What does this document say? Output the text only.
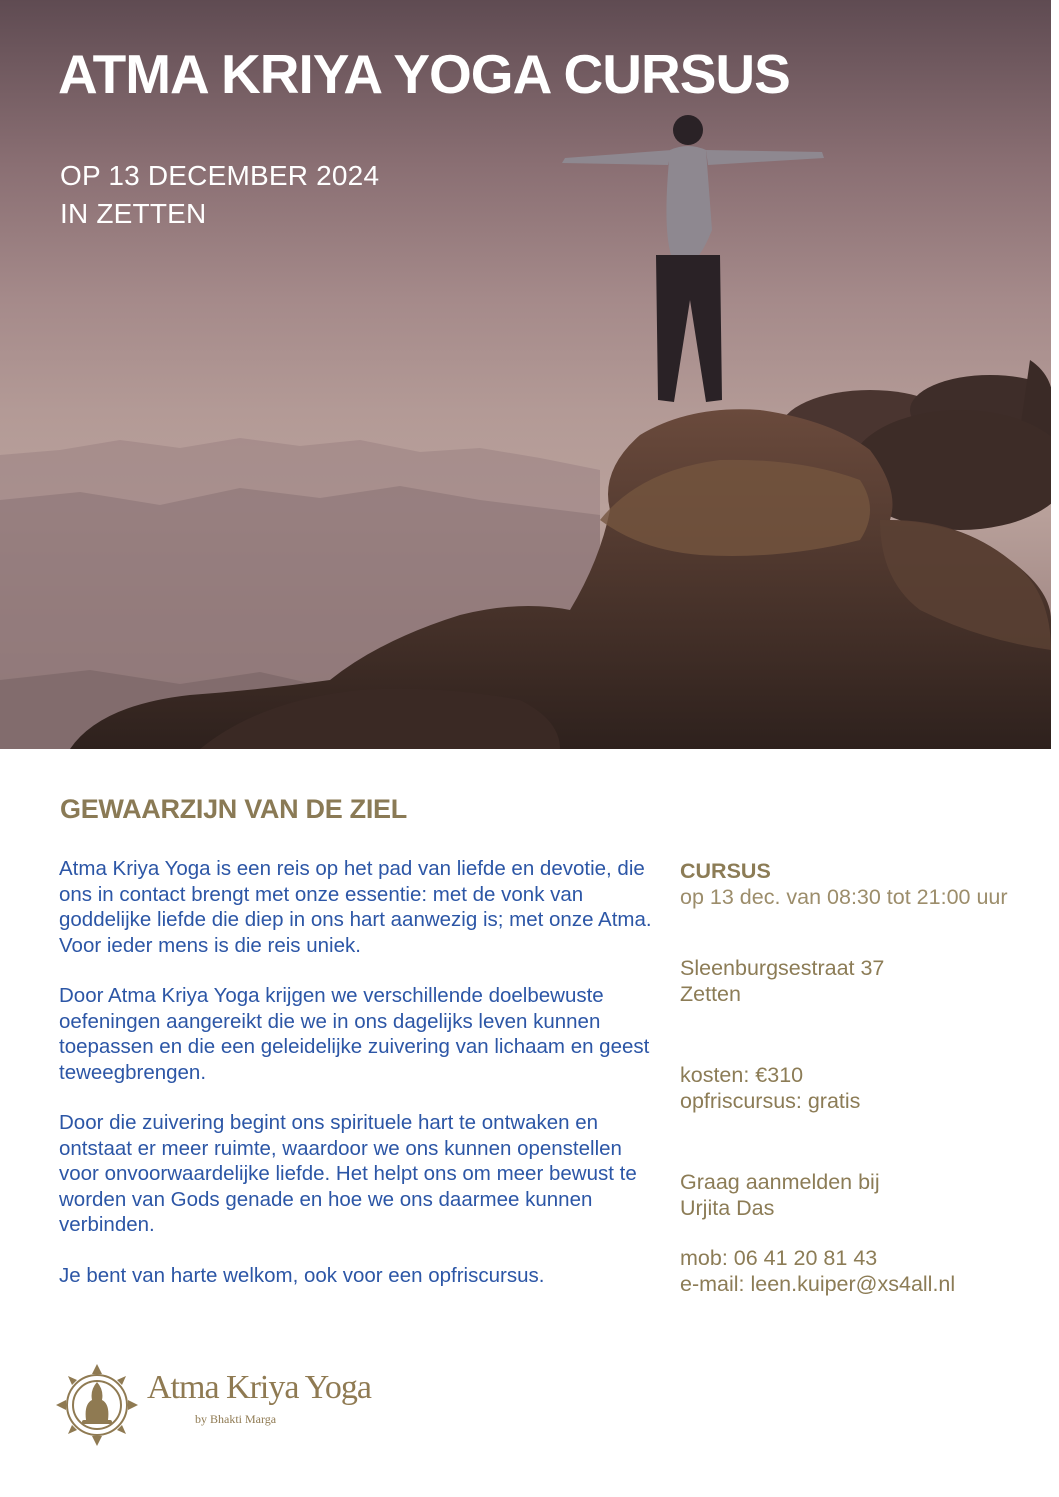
ATMA KRIYA YOGA CURSUS
OP 13 DECEMBER 2024
IN ZETTEN
GEWAARZIJN VAN DE ZIEL

Atma Kriya Yoga is een reis op het pad van liefde en devotie, die ons in contact brengt met onze essentie: met de vonk van goddelijke liefde die diep in ons hart aanwezig is; met onze Atma. Voor ieder mens is die reis uniek.

Door Atma Kriya Yoga krijgen we verschillende doelbewuste oefeningen aangereikt die we in ons dagelijks leven kunnen toepassen en die een geleidelijke zuivering van lichaam en geest teweegbrengen.

Door die zuivering begint ons spirituele hart te ontwaken en ontstaat er meer ruimte, waardoor we ons kunnen openstellen voor onvoorwaardelijke liefde. Het helpt ons om meer bewust te worden van Gods genade en hoe we ons daarmee kunnen verbinden.

Je bent van harte welkom, ook voor een opfriscursus.

CURSUS
op 13 dec. van 08:30 tot 21:00 uur
Sleenburgsestraat 37
Zetten
kosten: €310
opfriscursus: gratis
Graag aanmelden bij
Urjita Das
mob: 06 41 20 81 43
e-mail: leen.kuiper@xs4all.nl
Atma Kriya Yoga
by Bhakti Marga
